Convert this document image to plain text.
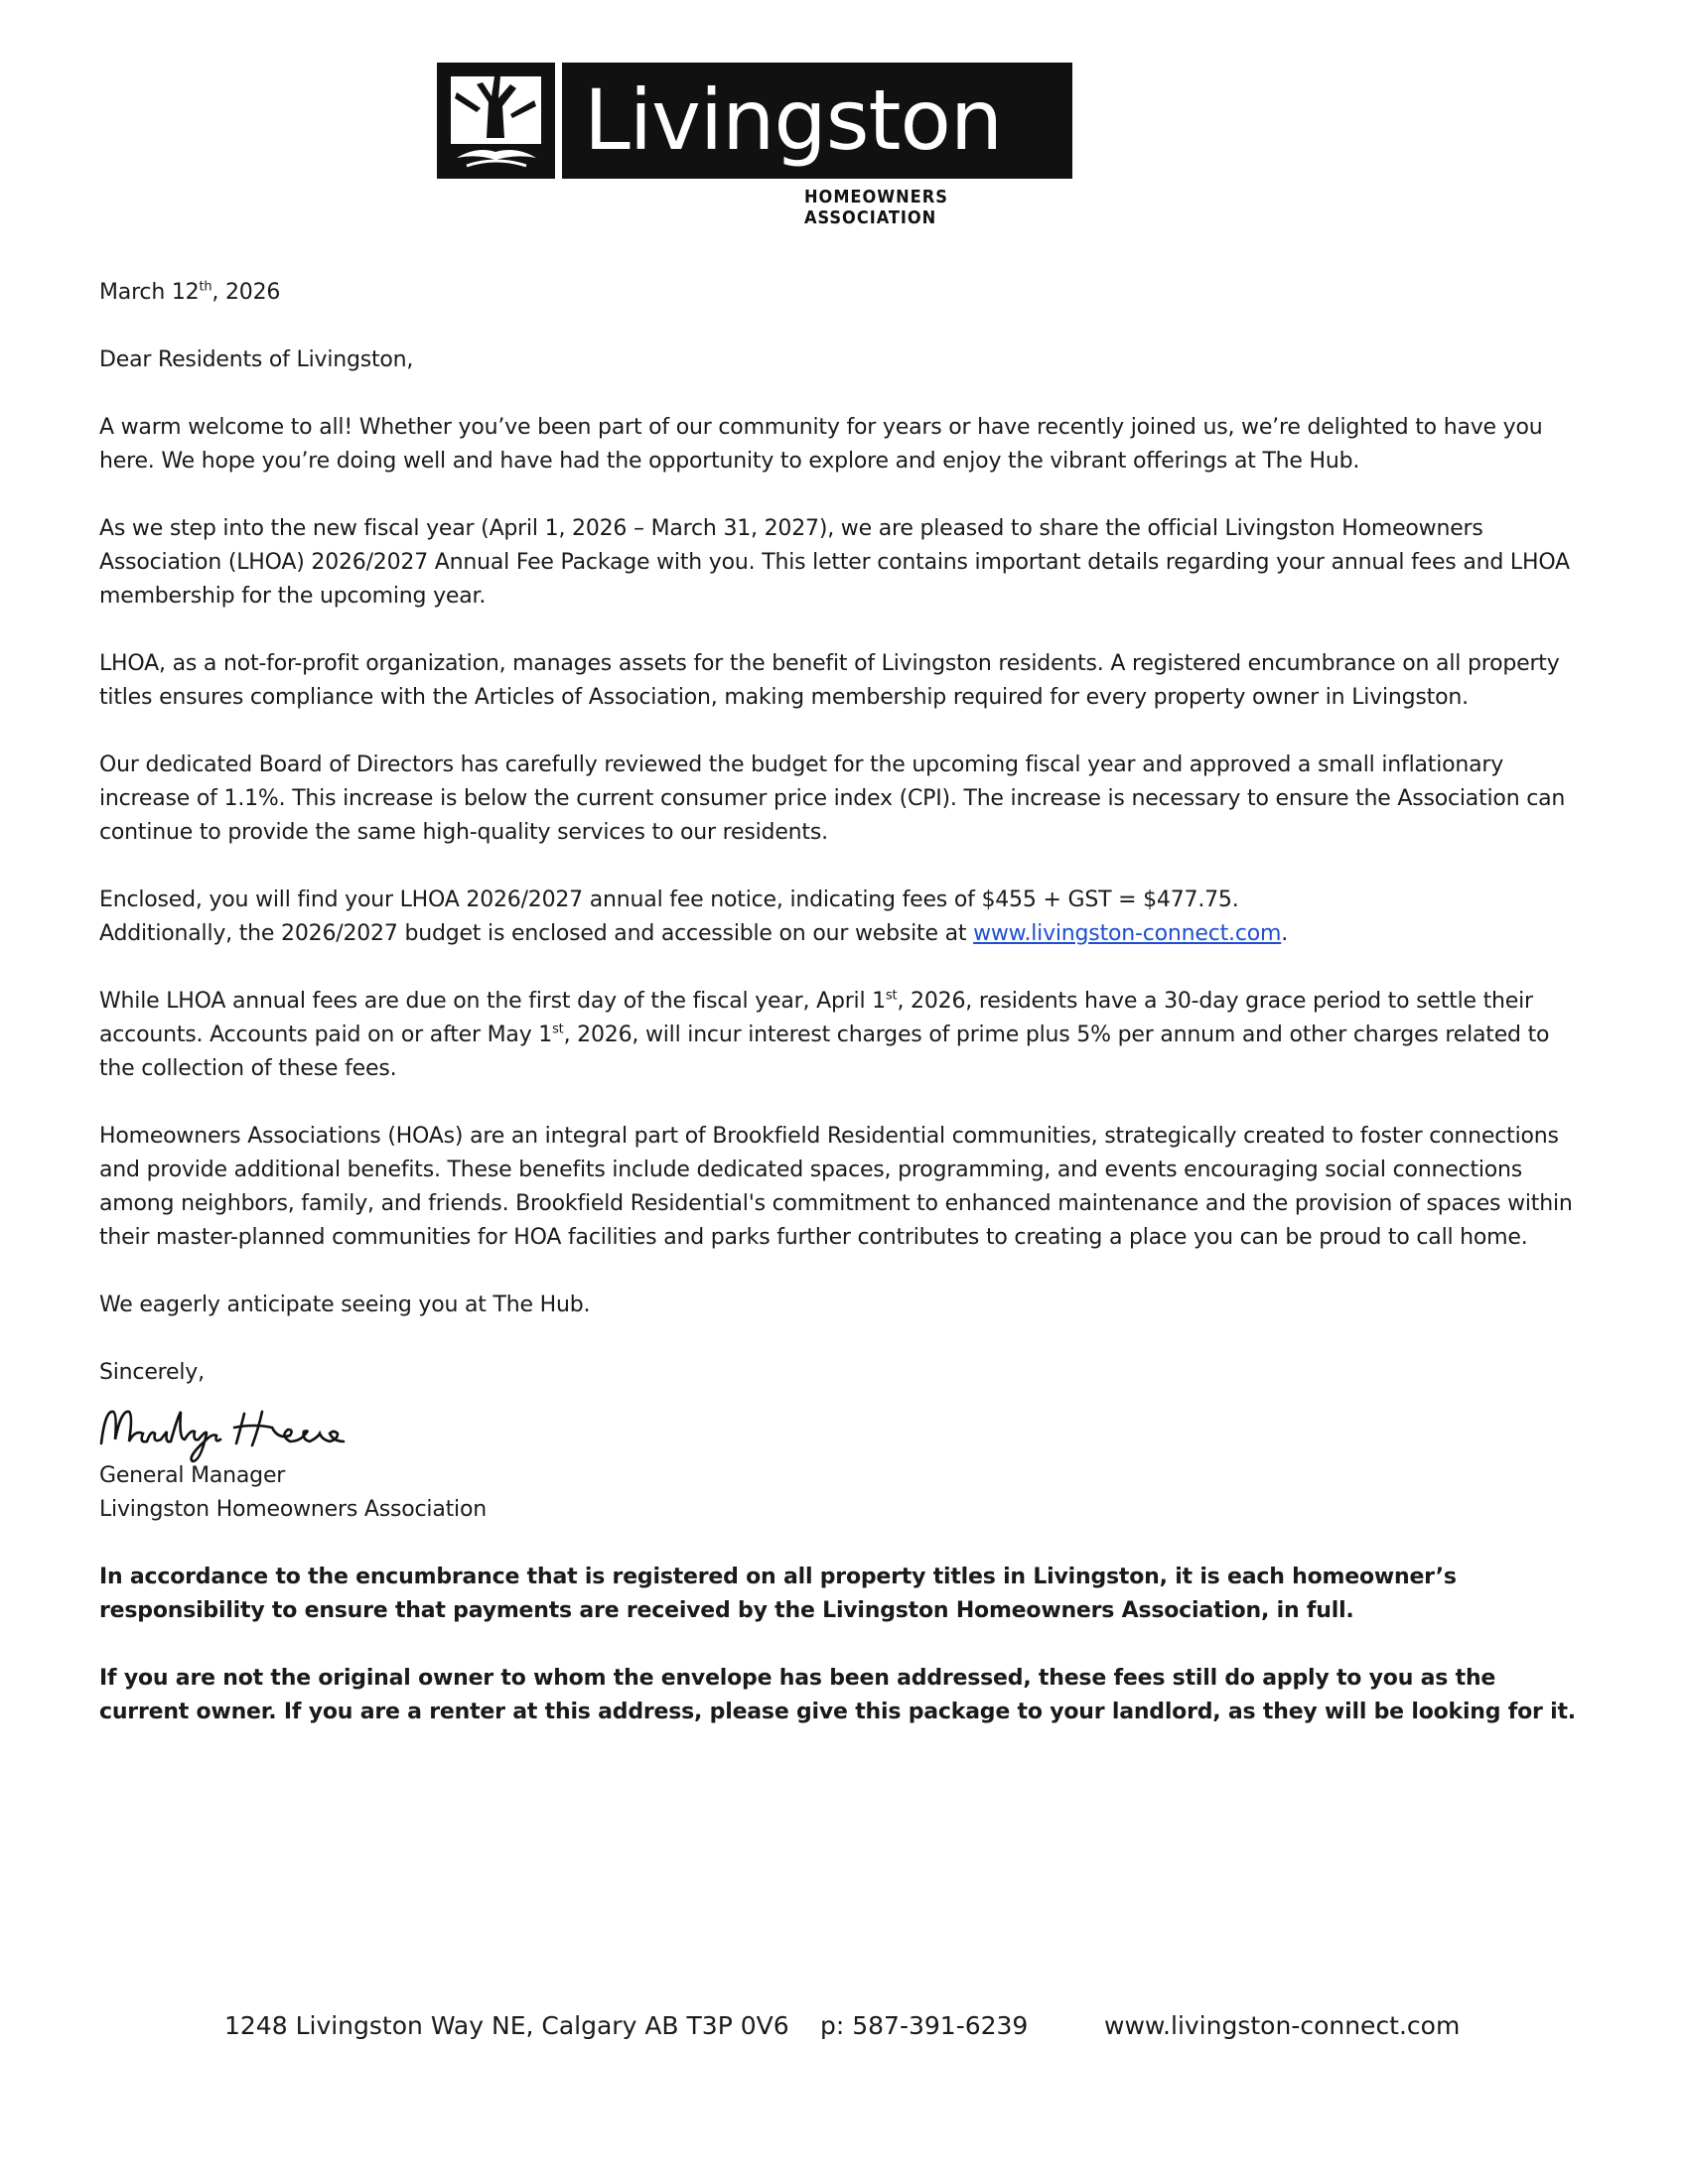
Livingston
HOMEOWNERS ASSOCIATION

March 12th, 2026

Dear Residents of Livingston,

A warm welcome to all! Whether you’ve been part of our community for years or have recently joined us, we’re delighted to have you here. We hope you’re doing well and have had the opportunity to explore and enjoy the vibrant offerings at The Hub.

As we step into the new fiscal year (April 1, 2026 – March 31, 2027), we are pleased to share the official Livingston Homeowners Association (LHOA) 2026/2027 Annual Fee Package with you. This letter contains important details regarding your annual fees and LHOA membership for the upcoming year.

LHOA, as a not-for-profit organization, manages assets for the benefit of Livingston residents. A registered encumbrance on all property titles ensures compliance with the Articles of Association, making membership required for every property owner in Livingston.

Our dedicated Board of Directors has carefully reviewed the budget for the upcoming fiscal year and approved a small inflationary increase of 1.1%. This increase is below the current consumer price index (CPI). The increase is necessary to ensure the Association can continue to provide the same high-quality services to our residents.

Enclosed, you will find your LHOA 2026/2027 annual fee notice, indicating fees of $455 + GST = $477.75.
Additionally, the 2026/2027 budget is enclosed and accessible on our website at www.livingston-connect.com.

While LHOA annual fees are due on the first day of the fiscal year, April 1st, 2026, residents have a 30-day grace period to settle their accounts. Accounts paid on or after May 1st, 2026, will incur interest charges of prime plus 5% per annum and other charges related to the collection of these fees.

Homeowners Associations (HOAs) are an integral part of Brookfield Residential communities, strategically created to foster connections and provide additional benefits. These benefits include dedicated spaces, programming, and events encouraging social connections among neighbors, family, and friends. Brookfield Residential's commitment to enhanced maintenance and the provision of spaces within their master-planned communities for HOA facilities and parks further contributes to creating a place you can be proud to call home.

We eagerly anticipate seeing you at The Hub.

Sincerely,

General Manager
Livingston Homeowners Association

In accordance to the encumbrance that is registered on all property titles in Livingston, it is each homeowner’s responsibility to ensure that payments are received by the Livingston Homeowners Association, in full.

If you are not the original owner to whom the envelope has been addressed, these fees still do apply to you as the current owner. If you are a renter at this address, please give this package to your landlord, as they will be looking for it.

1248 Livingston Way NE, Calgary AB T3P 0V6 p: 587-391-6239	www.livingston-connect.com
